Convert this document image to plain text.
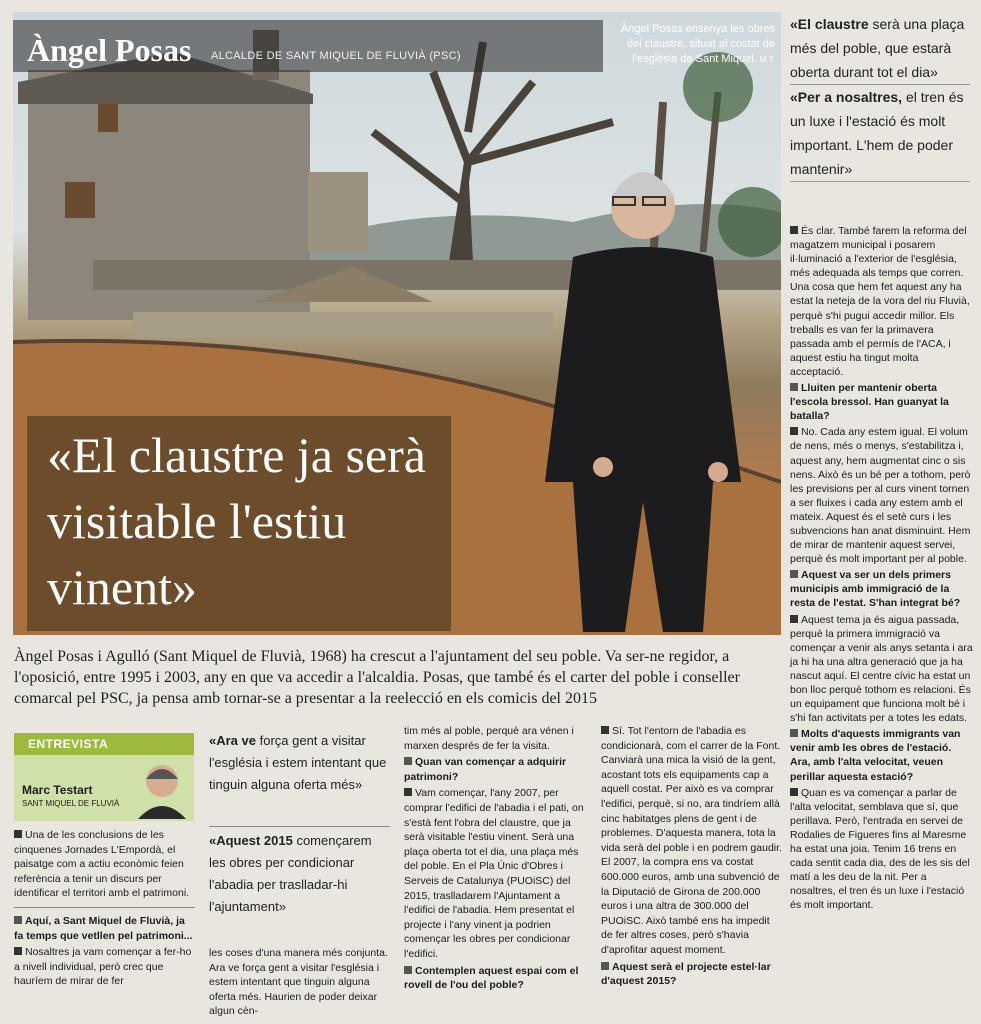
Àngel Posas ALCALDE DE SANT MIQUEL DE FLUVIÀ (PSC)
Àngel Posas ensenya les obres del claustre, situat al costat de l'església de Sant Miquel. M.T.
«El claustre ja serà visitable l'estiu vinent»
Àngel Posas i Agulló (Sant Miquel de Fluvià, 1968) ha crescut a l'ajuntament del seu poble. Va ser-ne regidor, a l'oposició, entre 1995 i 2003, any en que va accedir a l'alcaldia. Posas, que també és el carter del poble i conseller comarcal pel PSC, ja pensa amb tornar-se a presentar a la reelecció en els comicis del 2015
ENTREVISTA
Marc Testart
SANT MIQUEL DE FLUVIÀ

Una de les conclusions de les cinquenes Jornades L'Empordà, el paisatge com a actiu econòmic feien referència a tenir un discurs per identificar el territori amb el patrimoni.

Aquí, a Sant Miquel de Fluvià, ja fa temps que vetllen pel patrimoni...

Nosaltres ja vam començar a fer-ho a nivell individual, però crec que hauríem de mirar de fer

«Ara ve força gent a visitar l'església i estem intentant que tinguin alguna oferta més»
«Aquest 2015 començarem les obres per condicionar l'abadia per traslladar-hi l'ajuntament»

les coses d'una manera més conjunta. Ara ve força gent a visitar l'església i estem intentant que tinguin alguna oferta més. Haurien de poder deixar algun cèn-

tim més al poble, perquè ara vénen i marxen després de fer la visita.

Quan van començar a adquirir patrimoni?

Vam començar, l'any 2007, per comprar l'edifici de l'abadia i el pati, on s'està fent l'obra del claustre, que ja serà visitable l'estiu vinent. Serà una plaça oberta tot el dia, una plaça més del poble. En el Pla Únic d'Obres i Serveis de Catalunya (PUOiSC) del 2015, traslladarem l'Ajuntament a l'edifici de l'abadia. Hem presentat el projecte i l'any vinent ja podrien començar les obres per condicionar l'edifici.

Contemplen aquest espai com el rovell de l'ou del poble?

Sí. Tot l'entorn de l'abadia es condicionarà, com el carrer de la Font. Canviarà una mica la visió de la gent, acostant tots els equipaments cap a aquell costat. Per això es va comprar l'edifici, perquè, si no, ara tindríem allà cinc habitatges plens de gent i de problemes. D'aquesta manera, tota la vida serà del poble i en podrem gaudir. El 2007, la compra ens va costat 600.000 euros, amb una subvenció de la Diputació de Girona de 200.000 euros i una altra de 300.000 del PUOiSC. Això també ens ha impedit de fer altres coses, però s'havia d'aprofitar aquest moment.

Aquest serà el projecte estel·lar d'aquest 2015?

«El claustre serà una plaça més del poble, que estarà oberta durant tot el dia»
«Per a nosaltres, el tren és un luxe i l'estació és molt important. L'hem de poder mantenir»

És clar. També farem la reforma del magatzem municipal i posarem il·luminació a l'exterior de l'església, més adequada als temps que corren. Una cosa que hem fet aquest any ha estat la neteja de la vora del riu Fluvià, perquè s'hi pugui accedir millor. Els treballs es van fer la primavera passada amb el permís de l'ACA, i aquest estiu ha tingut molta acceptació.

Lluiten per mantenir oberta l'escola bressol. Han guanyat la batalla?

No. Cada any estem igual. El volum de nens, més o menys, s'estabilitza i, aquest any, hem augmentat cinc o sis nens. Això és un bé per a tothom, però les previsions per al curs vinent tornen a ser fluixes i cada any estem amb el mateix. Aquest és el setè curs i les subvencions han anat disminuint. Hem de mirar de mantenir aquest servei, perquè és molt important per al poble.

Aquest va ser un dels primers municipis amb immigració de la resta de l'estat. S'han integrat bé?

Aquest tema ja és aigua passada, perquè la primera immigració va començar a venir als anys setanta i ara ja hi ha una altra generació que ja ha nascut aquí. El centre cívic ha estat un bon lloc perquè tothom es relacioni. És un equipament que funciona molt bé i s'hi fan activitats per a totes les edats.

Molts d'aquests immigrants van venir amb les obres de l'estació. Ara, amb l'alta velocitat, veuen perillar aquesta estació?

Quan es va començar a parlar de l'alta velocitat, semblava que sí, que perillava. Però, l'entrada en servei de Rodalies de Figueres fins al Maresme ha estat una joia. Tenim 16 trens en cada sentit cada dia, des de les sis del matí a les deu de la nit. Per a nosaltres, el tren és un luxe i l'estació és molt important.
